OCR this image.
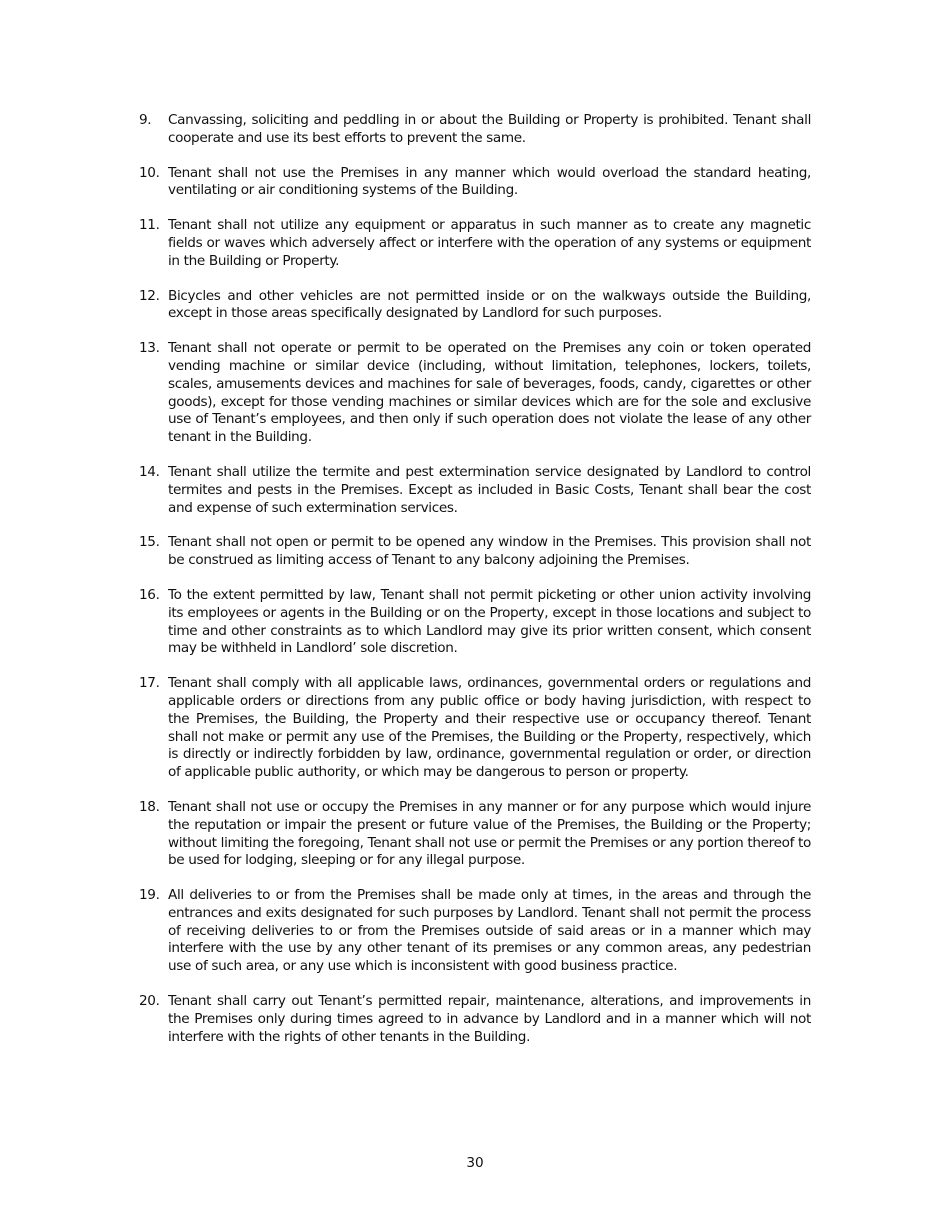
9.	Canvassing, soliciting and peddling in or about the Building or Property is prohibited. Tenant shall cooperate and use its best efforts to prevent the same.
10. Tenant shall not use the Premises in any manner which would overload the standard heating, ventilating or air conditioning systems of the Building.
11. Tenant shall not utilize any equipment or apparatus in such manner as to create any magnetic fields or waves which adversely affect or interfere with the operation of any systems or equipment in the Building or Property.
12. Bicycles and other vehicles are not permitted inside or on the walkways outside the Building, except in those areas specifically designated by Landlord for such purposes.
13. Tenant shall not operate or permit to be operated on the Premises any coin or token operated vending machine or similar device (including, without limitation, telephones, lockers, toilets, scales, amusements devices and machines for sale of beverages, foods, candy, cigarettes or other goods), except for those vending machines or similar devices which are for the sole and exclusive use of Tenant’s employees, and then only if such operation does not violate the lease of any other tenant in the Building.
14. Tenant shall utilize the termite and pest extermination service designated by Landlord to control termites and pests in the Premises. Except as included in Basic Costs, Tenant shall bear the cost and expense of such extermination services.
15. Tenant shall not open or permit to be opened any window in the Premises. This provision shall not be construed as limiting access of Tenant to any balcony adjoining the Premises.
16. To the extent permitted by law, Tenant shall not permit picketing or other union activity involving its employees or agents in the Building or on the Property, except in those locations and subject to time and other constraints as to which Landlord may give its prior written consent, which consent may be withheld in Landlord’ sole discretion.
17. Tenant shall comply with all applicable laws, ordinances, governmental orders or regulations and applicable orders or directions from any public office or body having jurisdiction, with respect to the Premises, the Building, the Property and their respective use or occupancy thereof. Tenant shall not make or permit any use of the Premises, the Building or the Property, respectively, which is directly or indirectly forbidden by law, ordinance, governmental regulation or order, or direction of applicable public authority, or which may be dangerous to person or property.
18. Tenant shall not use or occupy the Premises in any manner or for any purpose which would injure the reputation or impair the present or future value of the Premises, the Building or the Property; without limiting the foregoing, Tenant shall not use or permit the Premises or any portion thereof to be used for lodging, sleeping or for any illegal purpose.
19. All deliveries to or from the Premises shall be made only at times, in the areas and through the entrances and exits designated for such purposes by Landlord. Tenant shall not permit the process of receiving deliveries to or from the Premises outside of said areas or in a manner which may interfere with the use by any other tenant of its premises or any common areas, any pedestrian use of such area, or any use which is inconsistent with good business practice.
20. Tenant shall carry out Tenant’s permitted repair, maintenance, alterations, and improvements in the Premises only during times agreed to in advance by Landlord and in a manner which will not interfere with the rights of other tenants in the Building.
30
